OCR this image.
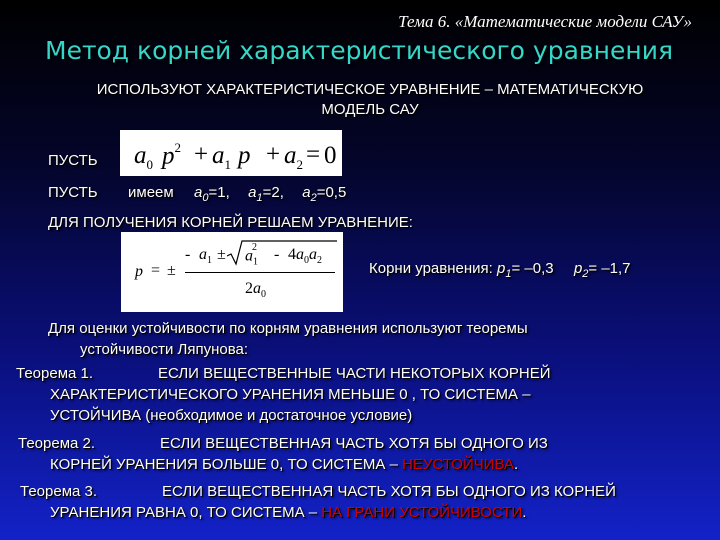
Тема 6. «Математические модели САУ»
Метод корней характеристического уравнения
ИСПОЛЬЗУЮТ ХАРАКТЕРИСТИЧЕСКОЕ УРАВНЕНИЕ – МАТЕМАТИЧЕСКУЮ
МОДЕЛЬ САУ
ПУСТЬ $a_0$ $p^2 + a_1$ $p + a_2 = 0$
ПУСТЬ имеем $a_0=1$, $a_1=2$, $a_2=0,5$
ДЛЯ ПОЛУЧЕНИЯ КОРНЕЙ РЕШАЕМ УРАВНЕНИЕ:
p = ±
- $a_1 \pm a_1^2$	- $4a_0a_2$
$2a_0$
Корни уравнения: $p_1= -0,3$ $p_2= -1,7$
Для оценки устойчивости по корням уравнения используют теоремы
устойчивости Ляпунова:
Теорема 1.	ЕСЛИ ВЕЩЕСТВЕННЫЕ ЧАСТИ НЕКОТОРЫХ КОРНЕЙ
ХАРАКТЕРИСТИЧЕСКОГО УРАНЕНИЯ МЕНЬШЕ 0 , ТО СИСТЕМА –
УСТОЙЧИВА (необходимое и достаточное условие)
Теорема 2.	ЕСЛИ ВЕЩЕСТВЕННАЯ ЧАСТЬ ХОТЯ БЫ ОДНОГО ИЗ
КОРНЕЙ УРАНЕНИЯ БОЛЬШЕ 0, ТО СИСТЕМА – НЕУСТОЙЧИВА.
Теорема 3.	ЕСЛИ ВЕЩЕСТВЕННАЯ ЧАСТЬ ХОТЯ БЫ ОДНОГО ИЗ КОРНЕЙ
УРАНЕНИЯ РАВНА 0, ТО СИСТЕМА – НА ГРАНИ УСТОЙЧИВОСТИ.
